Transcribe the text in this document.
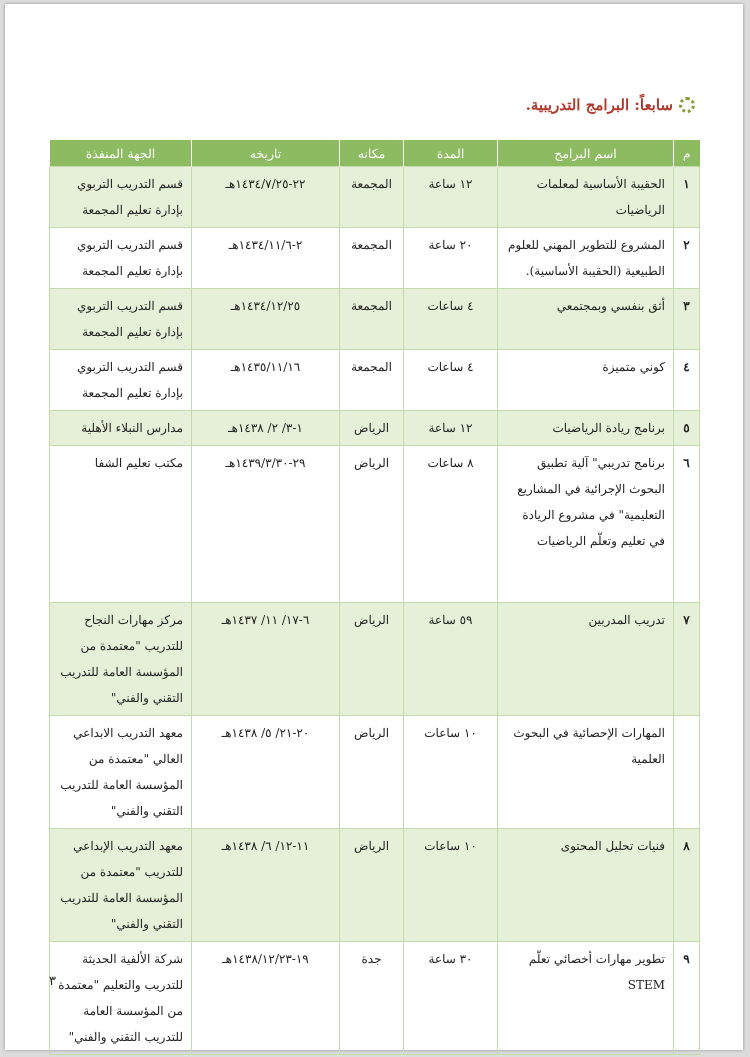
سابعاً: البرامج التدريبية.
م	اسم البرامج	المدة	مكانه	تاريخه	الجهة المنفذة
١	الحقيبة الأساسية لمعلمات الرياضيات	١٢ ساعة	المجمعة	٢٢-١٤٣٤/٧/٢٥هـ	قسم التدريب التربوي بإدارة تعليم المجمعة
٢	المشروع للتطوير المهني للعلوم الطبيعية (الحقيبة الأساسية).	٢٠ ساعة	المجمعة	٢-١٤٣٤/١١/٦هـ	قسم التدريب التربوي بإدارة تعليم المجمعة
٣	أثق بنفسي وبمجتمعي	٤ ساعات	المجمعة	١٤٣٤/١٢/٢٥هـ	قسم التدريب التربوي بإدارة تعليم المجمعة
٤	كوني متميزة	٤ ساعات	المجمعة	١٤٣٥/١١/١٦هـ	قسم التدريب التربوي بإدارة تعليم المجمعة
٥	برنامج ريادة الرياضيات	١٢ ساعة	الرياض	١-٣/ ٢/ ١٤٣٨هـ	مدارس النبلاء الأهلية
٦	برنامج تدريبي" آلية تطبيق البحوث الإجرائية في المشاريع التعليمية" في مشروع الريادة في تعليم وتعلّم الرياضيات	٨ ساعات	الرياض	٢٩-١٤٣٩/٣/٣٠هـ	مكتب تعليم الشفا
٧	تدريب المدربين	٥٩ ساعة	الرياض	٦-١٧/ ١١/ ١٤٣٧هـ	مركز مهارات النجاح للتدريب "معتمدة من المؤسسة العامة للتدريب التقني والفني"
	المهارات الإحصائية في البحوث العلمية	١٠ ساعات	الرياض	٢٠-٢١/ ٥/ ١٤٣٨هـ	معهد التدريب الابداعي العالي "معتمدة من المؤسسة العامة للتدريب التقني والفني"
٨	فنيات تحليل المحتوى	١٠ ساعات	الرياض	١١-١٢/ ٦/ ١٤٣٨هـ	معهد التدريب الإبداعي للتدريب "معتمدة من المؤسسة العامة للتدريب التقني والفني"
٩	تطوير مهارات أخصائي تعلّم STEM	٣٠ ساعة	جدة	١٩-١٤٣٨/١٢/٢٣هـ	شركة الألفية الحديثة للتدريب والتعليم "معتمدة من المؤسسة العامة للتدريب التقني والفني"
٣
